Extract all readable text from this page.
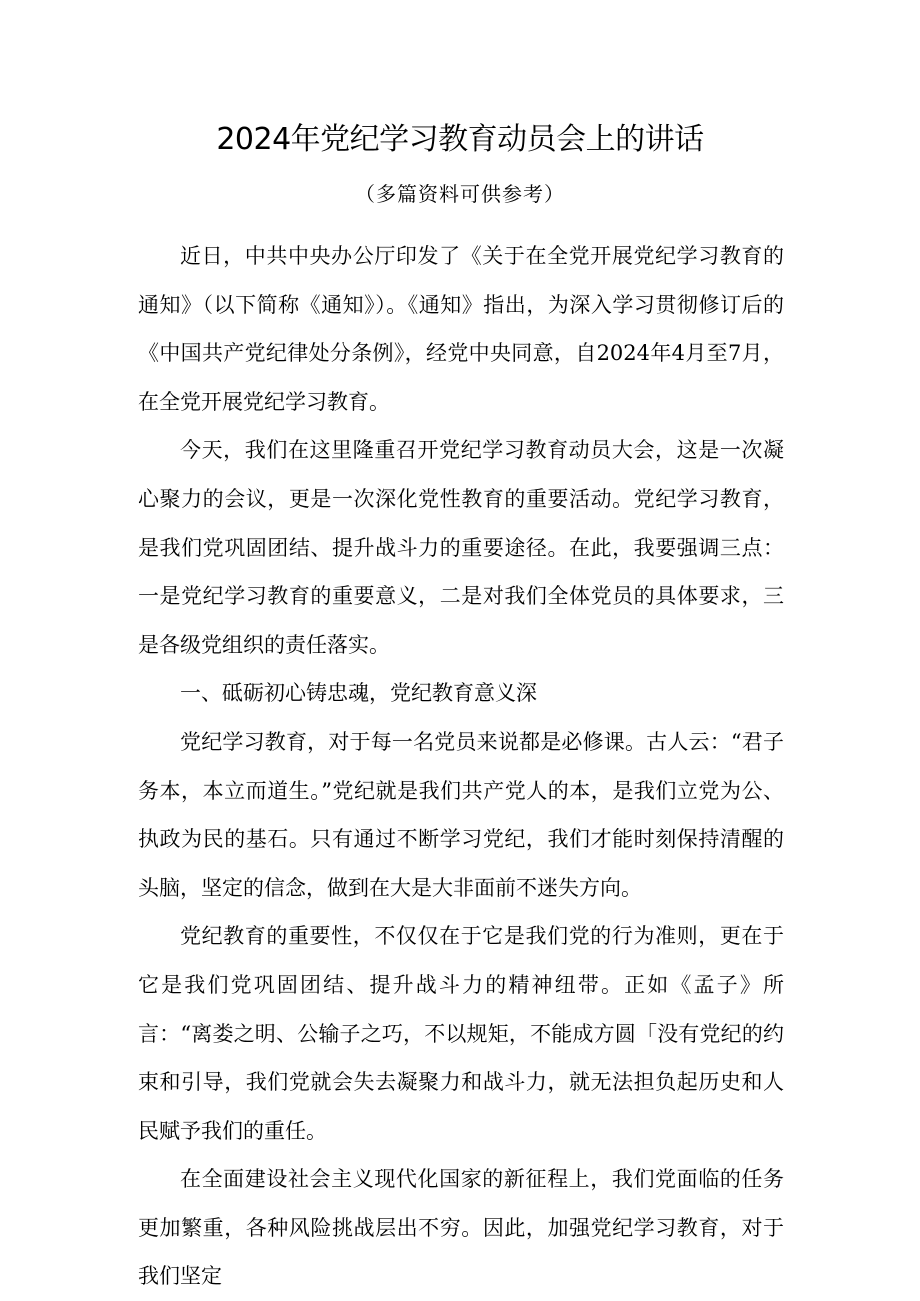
2024年党纪学习教育动员会上的讲话
（多篇资料可供参考）

近日，中共中央办公厅印发了《关于在全党开展党纪学习教育的通知》（以下简称《通知》）。《通知》指出，为深入学习贯彻修订后的《中国共产党纪律处分条例》，经党中央同意，自2024年4月至7月，在全党开展党纪学习教育。

今天，我们在这里隆重召开党纪学习教育动员大会，这是一次凝心聚力的会议，更是一次深化党性教育的重要活动。党纪学习教育，是我们党巩固团结、提升战斗力的重要途径。在此，我要强调三点：一是党纪学习教育的重要意义，二是对我们全体党员的具体要求，三是各级党组织的责任落实。

一、砥砺初心铸忠魂，党纪教育意义深

党纪学习教育，对于每一名党员来说都是必修课。古人云：“君子务本，本立而道生。”党纪就是我们共产党人的本，是我们立党为公、执政为民的基石。只有通过不断学习党纪，我们才能时刻保持清醒的头脑，坚定的信念，做到在大是大非面前不迷失方向。

党纪教育的重要性，不仅仅在于它是我们党的行为准则，更在于它是我们党巩固团结、提升战斗力的精神纽带。正如《孟子》所言：“离娄之明、公输子之巧，不以规矩，不能成方圆「没有党纪的约束和引导，我们党就会失去凝聚力和战斗力，就无法担负起历史和人民赋予我们的重任。

在全面建设社会主义现代化国家的新征程上，我们党面临的任务更加繁重，各种风险挑战层出不穷。因此，加强党纪学习教育，对于我们坚定
